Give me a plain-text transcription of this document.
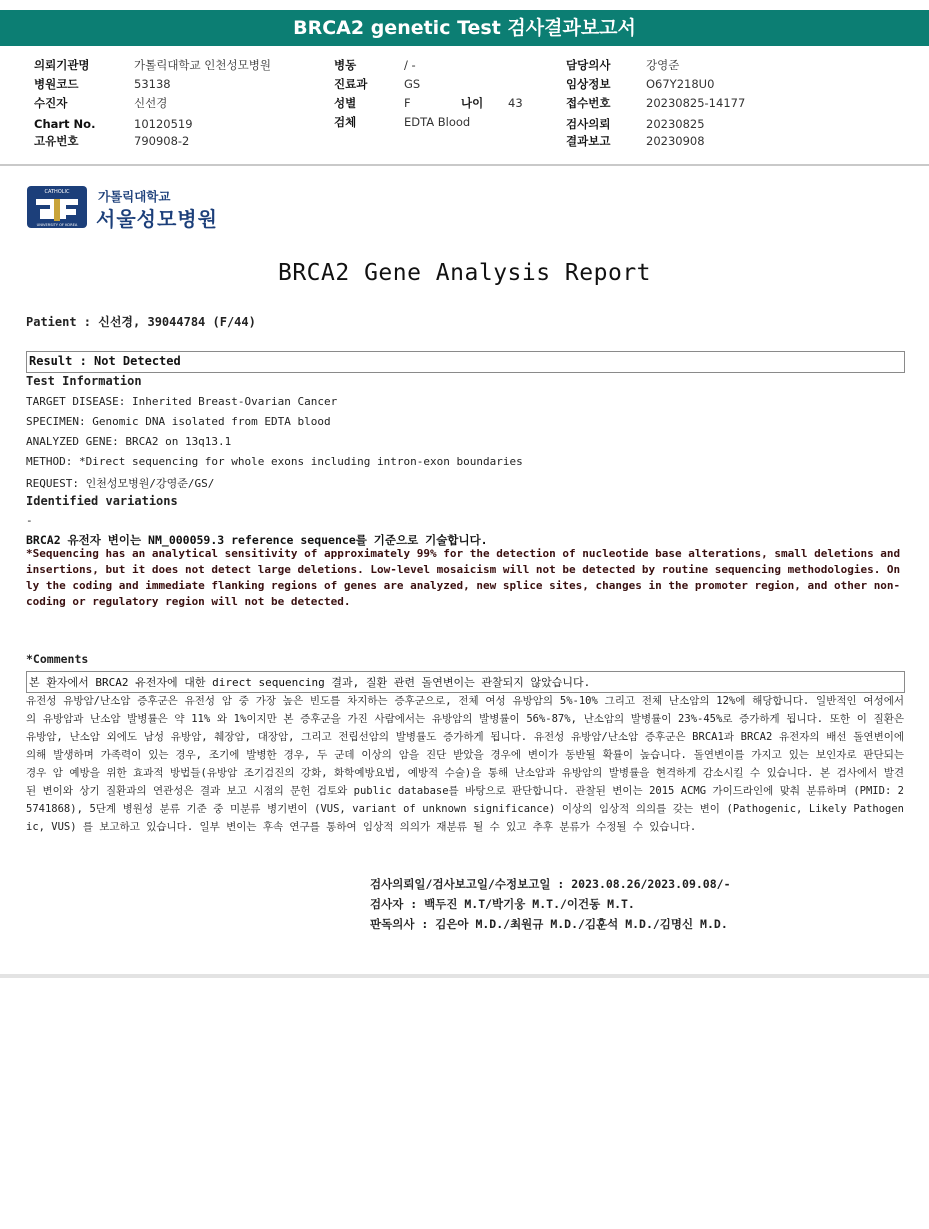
BRCA2 genetic Test 검사결과보고서
의뢰기관명	가톨릭대학교 인천성모병원
병원코드	53138
수진자	신선경
Chart No.	10120519
고유번호	790908-2
병동	/ -
진료과	GS
성별	F	나이 43
검체	EDTA Blood
담당의사	강영준
임상정보	O67Y218U0
접수번호	20230825-14177
검사의뢰	20230825
결과보고	20230908
CATHOLIC
UNIVERSITY OF KOREA
가톨릭대학교
서울성모병원
BRCA2 Gene Analysis Report
Patient : 신선경, 39044784 (F/44)
Result : Not Detected
Test Information
TARGET DISEASE: Inherited Breast-Ovarian Cancer
SPECIMEN: Genomic DNA isolated from EDTA blood
ANALYZED GENE: BRCA2 on 13q13.1
METHOD: *Direct sequencing for whole exons including intron-exon boundaries
REQUEST: 인천성모병원/강영준/GS/
Identified variations
-
BRCA2 유전자 변이는 NM_000059.3 reference sequence를 기준으로 기술합니다.
*Sequencing has an analytical sensitivity of approximately 99% for the detection of nucleotide base alterations, small deletions and insertions, but it does not detect large deletions. Low-level mosaicism will not be detected by routine sequencing methodologies. Only the coding and immediate flanking regions of genes are analyzed, new splice sites, changes in the promoter region, and other non-coding or regulatory region will not be detected.
*Comments
본 환자에서 BRCA2 유전자에 대한 direct sequencing 결과, 질환 관련 돌연변이는 관찰되지 않았습니다.
유전성 유방암/난소암 증후군은 유전성 암 중 가장 높은 빈도를 차지하는 증후군으로, 전체 여성 유방암의 5%-10% 그리고 전체 난소암의 12%에 해당합니다. 일반적인 여성에서의 유방암과 난소암 발병률은 약 11% 와 1%이지만 본 증후군을 가진 사람에서는 유방암의 발병률이 56%-87%, 난소암의 발병률이 23%-45%로 증가하게 됩니다. 또한 이 질환은 유방암, 난소암 외에도 남성 유방암, 췌장암, 대장암, 그리고 전립선암의 발병률도 증가하게 됩니다. 유전성 유방암/난소암 증후군은 BRCA1과 BRCA2 유전자의 배선 돌연변이에 의해 발생하며 가족력이 있는 경우, 조기에 발병한 경우, 두 군데 이상의 암을 진단 받았을 경우에 변이가 동반될 확률이 높습니다. 돌연변이를 가지고 있는 보인자로 판단되는 경우 암 예방을 위한 효과적 방법들(유방암 조기검진의 강화, 화학예방요법, 예방적 수술)을 통해 난소암과 유방암의 발병률을 현격하게 감소시킬 수 있습니다. 본 검사에서 발견된 변이와 상기 질환과의 연관성은 결과 보고 시점의 문헌 검토와 public database를 바탕으로 판단합니다. 관찰된 변이는 2015 ACMG 가이드라인에 맞춰 분류하며 (PMID: 25741868), 5단계 병원성 분류 기준 중 미분류 병기변이 (VUS, variant of unknown significance) 이상의 임상적 의의를 갖는 변이 (Pathogenic, Likely Pathogenic, VUS) 를 보고하고 있습니다. 일부 변이는 후속 연구를 통하여 임상적 의의가 재분류 될 수 있고 추후 분류가 수정될 수 있습니다.
검사의뢰일/검사보고일/수정보고일 : 2023.08.26/2023.09.08/-
검사자 : 백두진 M.T/박기웅 M.T./이건동 M.T.
판독의사 : 김은아 M.D./최원규 M.D./김훈석 M.D./김명신 M.D.
